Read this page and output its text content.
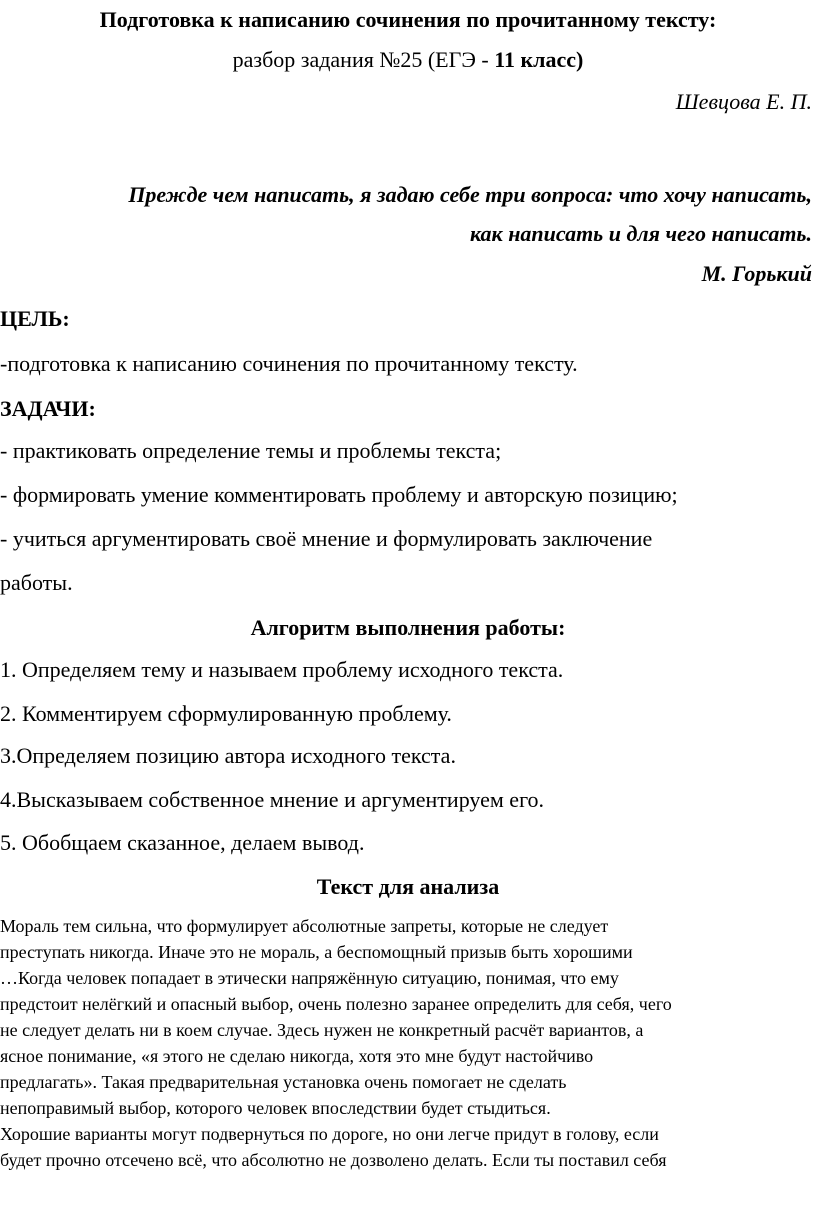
Подготовка к написанию сочинения по прочитанному тексту:
разбор задания №25 (ЕГЭ - 11 класс)
Шевцова Е. П.
Прежде чем написать, я задаю себе три вопроса: что хочу написать,
как написать и для чего написать.
М. Горький
ЦЕЛЬ:
-подготовка к написанию сочинения по прочитанному тексту.
ЗАДАЧИ:
- практиковать определение темы и проблемы текста;
- формировать умение комментировать проблему и авторскую позицию;
- учиться аргументировать своё мнение и формулировать заключение
работы.
Алгоритм выполнения работы:
1. Определяем тему и называем проблему исходного текста.
2. Комментируем сформулированную проблему.
3.Определяем позицию автора исходного текста.
4.Высказываем собственное мнение и аргументируем его.
5. Обобщаем сказанное, делаем вывод.
Текст для анализа
Мораль тем сильна, что формулирует абсолютные запреты, которые не следует
преступать никогда. Иначе это не мораль, а беспомощный призыв быть хорошими
…Когда человек попадает в этически напряжённую ситуацию, понимая, что ему
предстоит нелёгкий и опасный выбор, очень полезно заранее определить для себя, чего
не следует делать ни в коем случае. Здесь нужен не конкретный расчёт вариантов, а
ясное понимание, «я этого не сделаю никогда, хотя это мне будут настойчиво
предлагать». Такая предварительная установка очень помогает не сделать
непоправимый выбор, которого человек впоследствии будет стыдиться.
Хорошие варианты могут подвернуться по дороге, но они легче придут в голову, если
будет прочно отсечено всё, что абсолютно не дозволено делать. Если ты поставил себя
